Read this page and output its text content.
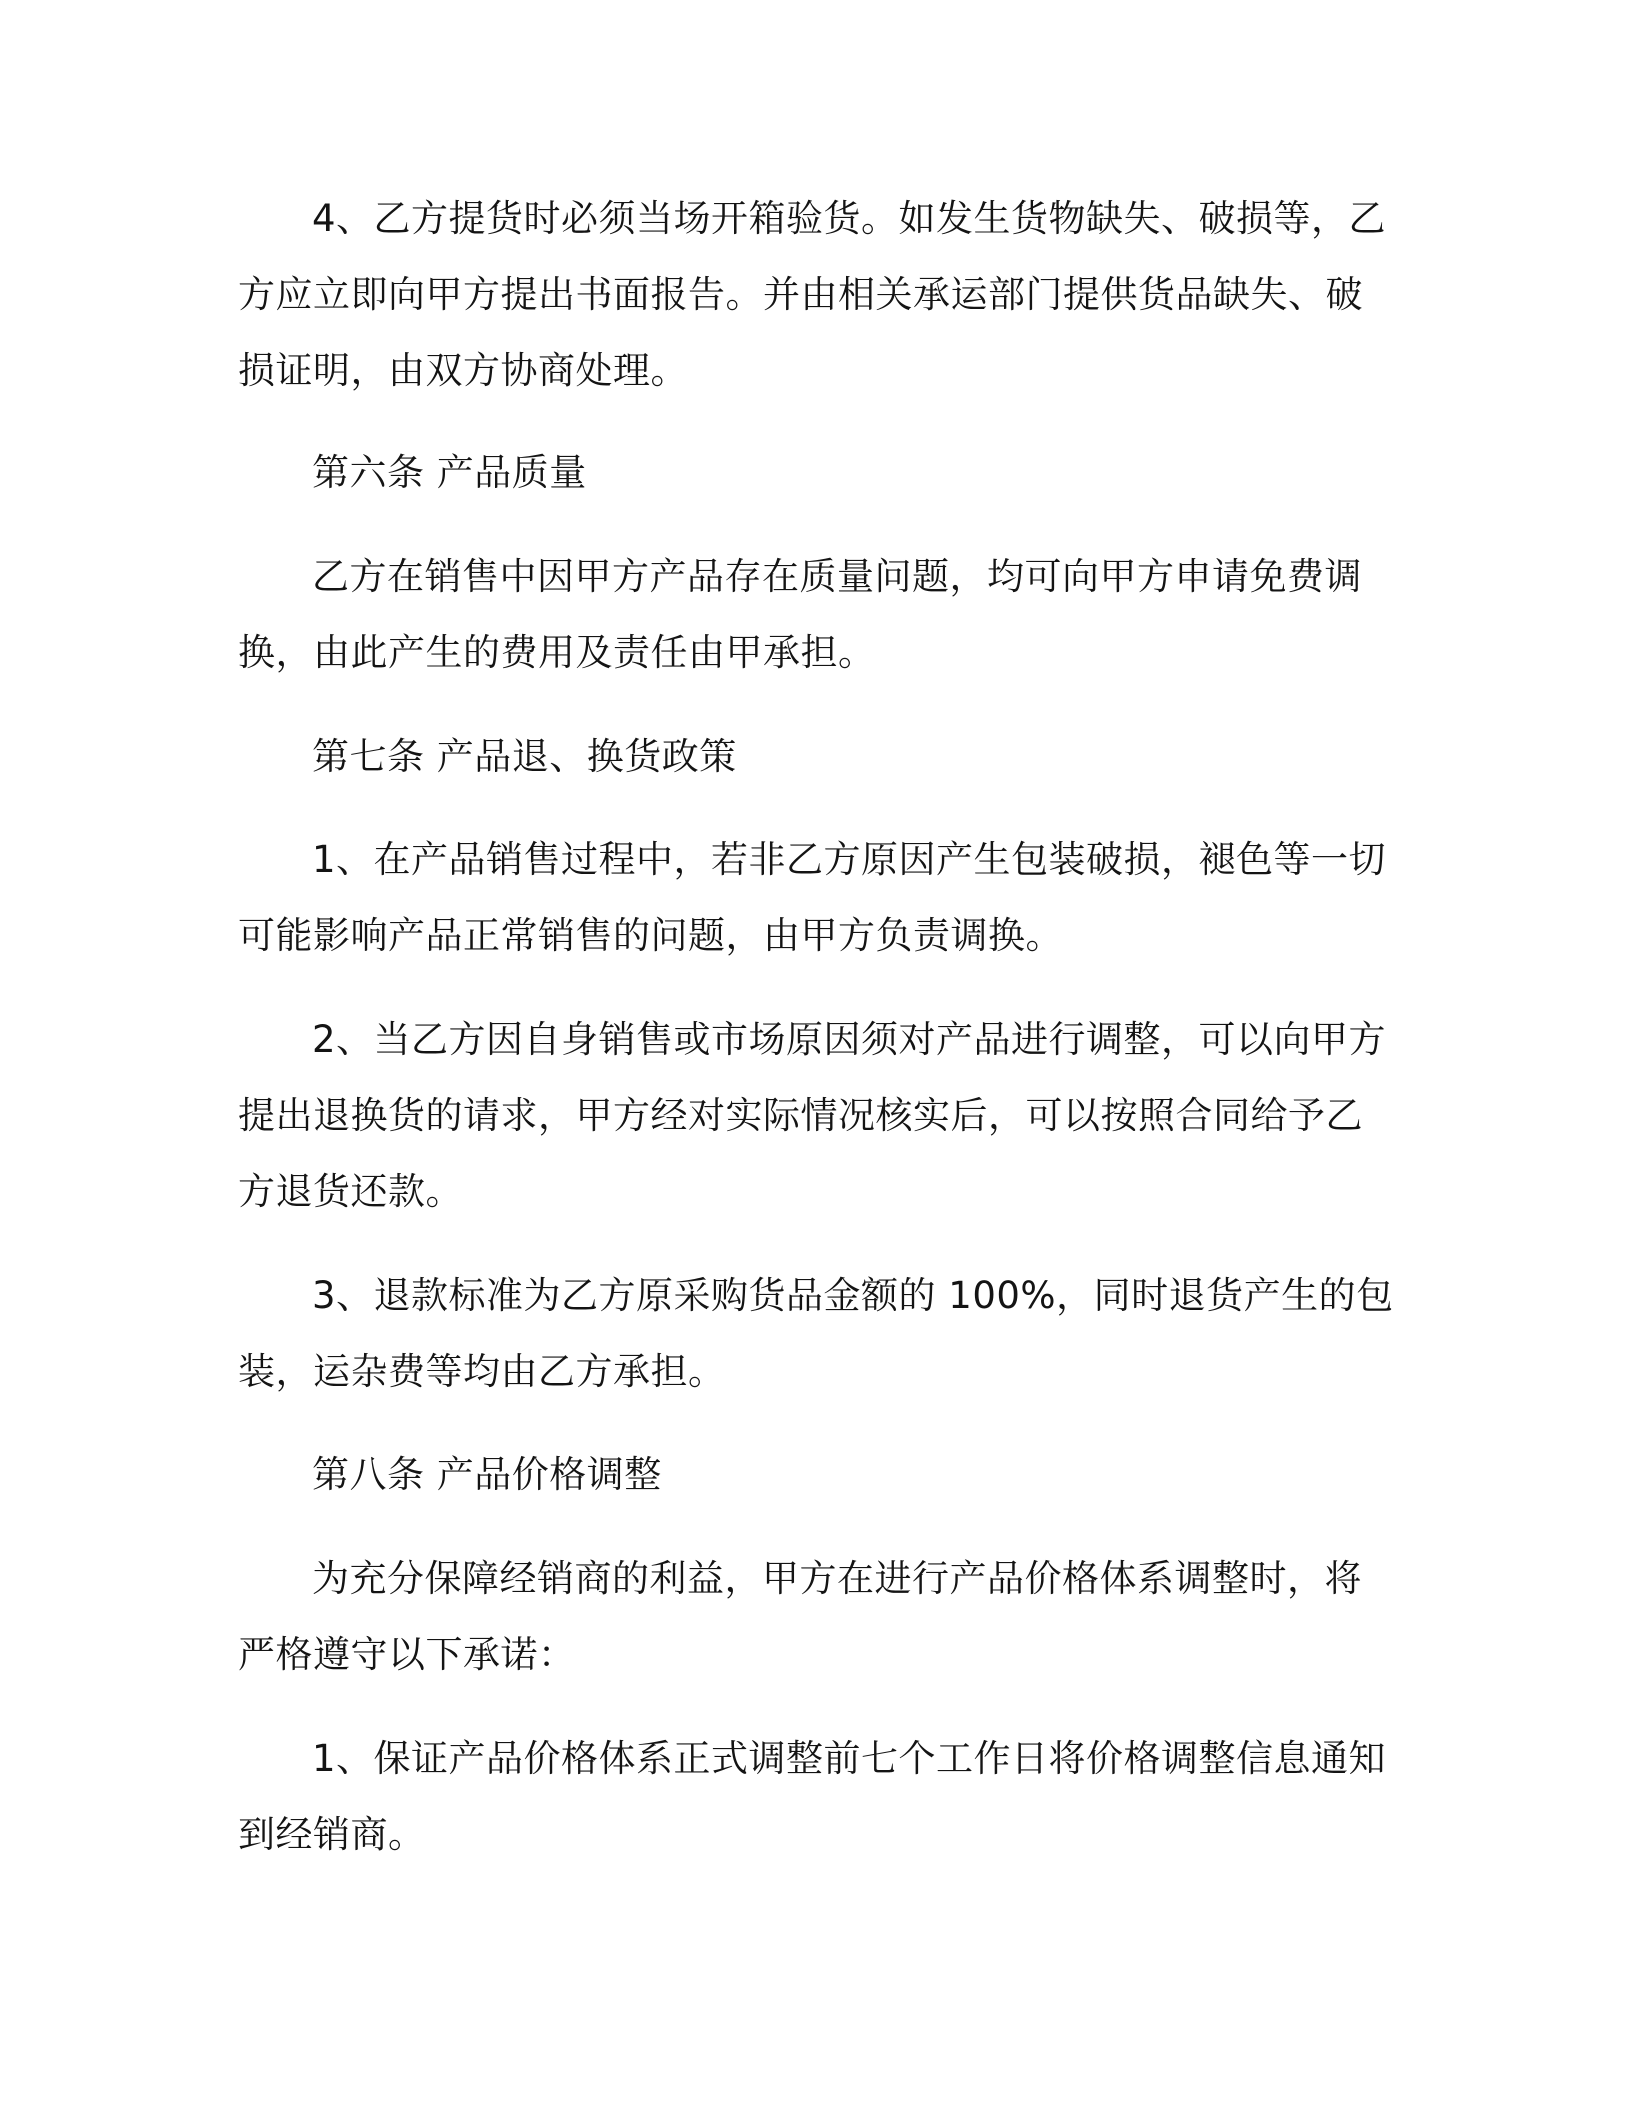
4、乙方提货时必须当场开箱验货。如发生货物缺失、破损等，乙

方应立即向甲方提出书面报告。并由相关承运部门提供货品缺失、破

损证明，由双方协商处理。

第六条 产品质量

乙方在销售中因甲方产品存在质量问题，均可向甲方申请免费调

换，由此产生的费用及责任由甲承担。

第七条 产品退、换货政策

1、在产品销售过程中，若非乙方原因产生包装破损，褪色等一切

可能影响产品正常销售的问题，由甲方负责调换。

2、当乙方因自身销售或市场原因须对产品进行调整，可以向甲方

提出退换货的请求，甲方经对实际情况核实后，可以按照合同给予乙

方退货还款。

3、退款标准为乙方原采购货品金额的 100%，同时退货产生的包

装，运杂费等均由乙方承担。

第八条 产品价格调整

为充分保障经销商的利益，甲方在进行产品价格体系调整时，将

严格遵守以下承诺：

1、保证产品价格体系正式调整前七个工作日将价格调整信息通知

到经销商。
